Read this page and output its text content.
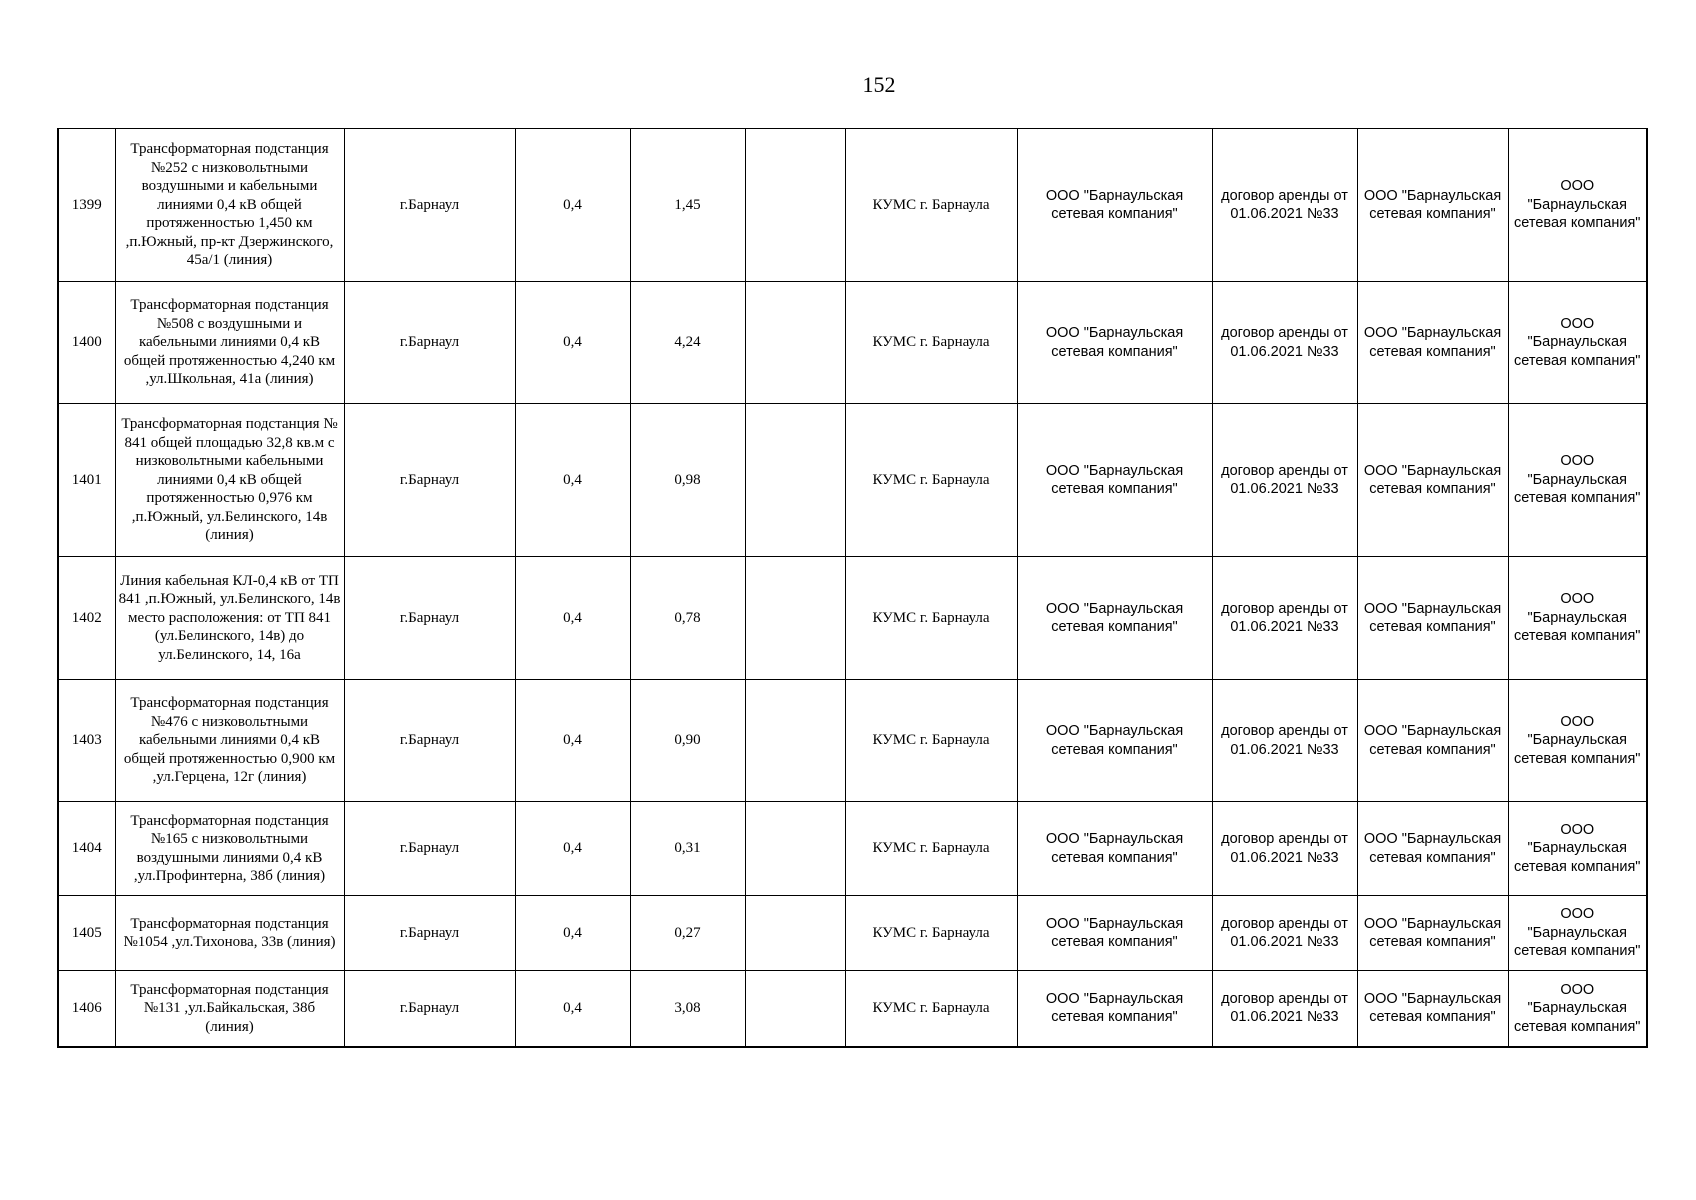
152
1399	Трансформаторная подстанция №252 с низковольтными воздушными и кабельными линиями 0,4 кВ общей протяженностью 1,450 км ,п.Южный, пр-кт Дзержинского, 45а/1 (линия)	г.Барнаул	0,4	1,45		КУМС г. Барнаула	ООО "Барнаульская сетевая компания"	договор аренды от 01.06.2021 №33	ООО "Барнаульская сетевая компания"	ООО "Барнаульская сетевая компания"
1400	Трансформаторная подстанция №508 с воздушными и кабельными линиями 0,4 кВ общей протяженностью 4,240 км ,ул.Школьная, 41а (линия)	г.Барнаул	0,4	4,24		КУМС г. Барнаула	ООО "Барнаульская сетевая компания"	договор аренды от 01.06.2021 №33	ООО "Барнаульская сетевая компания"	ООО "Барнаульская сетевая компания"
1401	Трансформаторная подстанция № 841 общей площадью 32,8 кв.м с низковольтными кабельными линиями 0,4 кВ общей протяженностью 0,976 км ,п.Южный, ул.Белинского, 14в (линия)	г.Барнаул	0,4	0,98		КУМС г. Барнаула	ООО "Барнаульская сетевая компания"	договор аренды от 01.06.2021 №33	ООО "Барнаульская сетевая компания"	ООО "Барнаульская сетевая компания"
1402	Линия кабельная КЛ-0,4 кВ от ТП 841 ,п.Южный, ул.Белинского, 14в место расположения: от ТП 841 (ул.Белинского, 14в) до ул.Белинского, 14, 16а	г.Барнаул	0,4	0,78		КУМС г. Барнаула	ООО "Барнаульская сетевая компания"	договор аренды от 01.06.2021 №33	ООО "Барнаульская сетевая компания"	ООО "Барнаульская сетевая компания"
1403	Трансформаторная подстанция №476 с низковольтными кабельными линиями 0,4 кВ общей протяженностью 0,900 км ,ул.Герцена, 12г (линия)	г.Барнаул	0,4	0,90		КУМС г. Барнаула	ООО "Барнаульская сетевая компания"	договор аренды от 01.06.2021 №33	ООО "Барнаульская сетевая компания"	ООО "Барнаульская сетевая компания"
1404	Трансформаторная подстанция №165 с низковольтными воздушными линиями 0,4 кВ ,ул.Профинтерна, 38б (линия)	г.Барнаул	0,4	0,31		КУМС г. Барнаула	ООО "Барнаульская сетевая компания"	договор аренды от 01.06.2021 №33	ООО "Барнаульская сетевая компания"	ООО "Барнаульская сетевая компания"
1405	Трансформаторная подстанция №1054 ,ул.Тихонова, 33в (линия)	г.Барнаул	0,4	0,27		КУМС г. Барнаула	ООО "Барнаульская сетевая компания"	договор аренды от 01.06.2021 №33	ООО "Барнаульская сетевая компания"	ООО "Барнаульская сетевая компания"
1406	Трансформаторная подстанция №131 ,ул.Байкальская, 38б (линия)	г.Барнаул	0,4	3,08		КУМС г. Барнаула	ООО "Барнаульская сетевая компания"	договор аренды от 01.06.2021 №33	ООО "Барнаульская сетевая компания"	ООО "Барнаульская сетевая компания"
